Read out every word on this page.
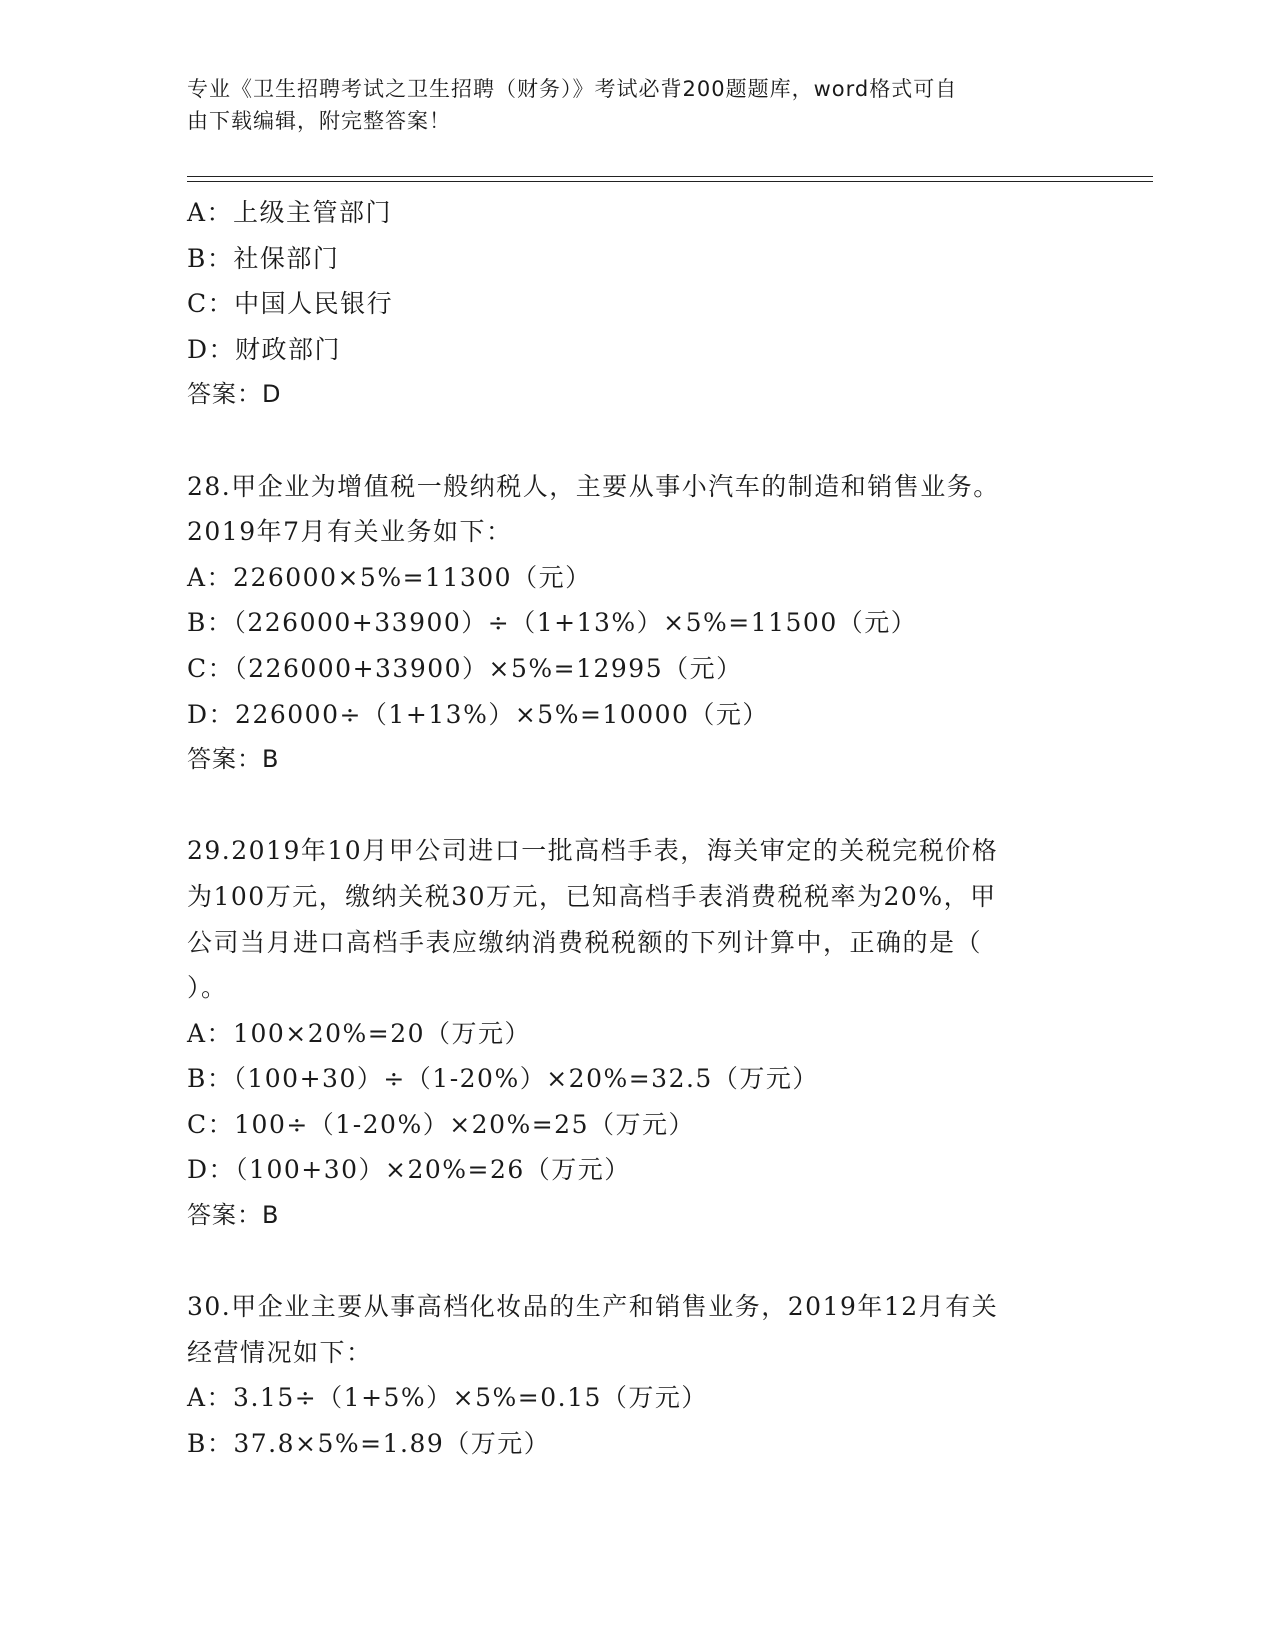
专业《卫生招聘考试之卫生招聘（财务）》考试必背200题题库，word格式可自
由下载编辑，附完整答案！
A：上级主管部门
B：社保部门
C：中国人民银行
D：财政部门
答案：D
28.甲企业为增值税一般纳税人，主要从事小汽车的制造和销售业务。
2019年7月有关业务如下：
A：226000×5%=11300（元）
B：（226000+33900）÷（1+13%）×5%=11500（元）
C：（226000+33900）×5%=12995（元）
D：226000÷（1+13%）×5%=10000（元）
答案：B
29.2019年10月甲公司进口一批高档手表，海关审定的关税完税价格
为100万元，缴纳关税30万元，已知高档手表消费税税率为20%，甲
公司当月进口高档手表应缴纳消费税税额的下列计算中，正确的是（
）。
A：100×20%=20（万元）
B：（100+30）÷（1-20%）×20%=32.5（万元）
C：100÷（1-20%）×20%=25（万元）
D：（100+30）×20%=26（万元）
答案：B
30.甲企业主要从事高档化妆品的生产和销售业务，2019年12月有关
经营情况如下：
A：3.15÷（1+5%）×5%=0.15（万元）
B：37.8×5%=1.89（万元）
